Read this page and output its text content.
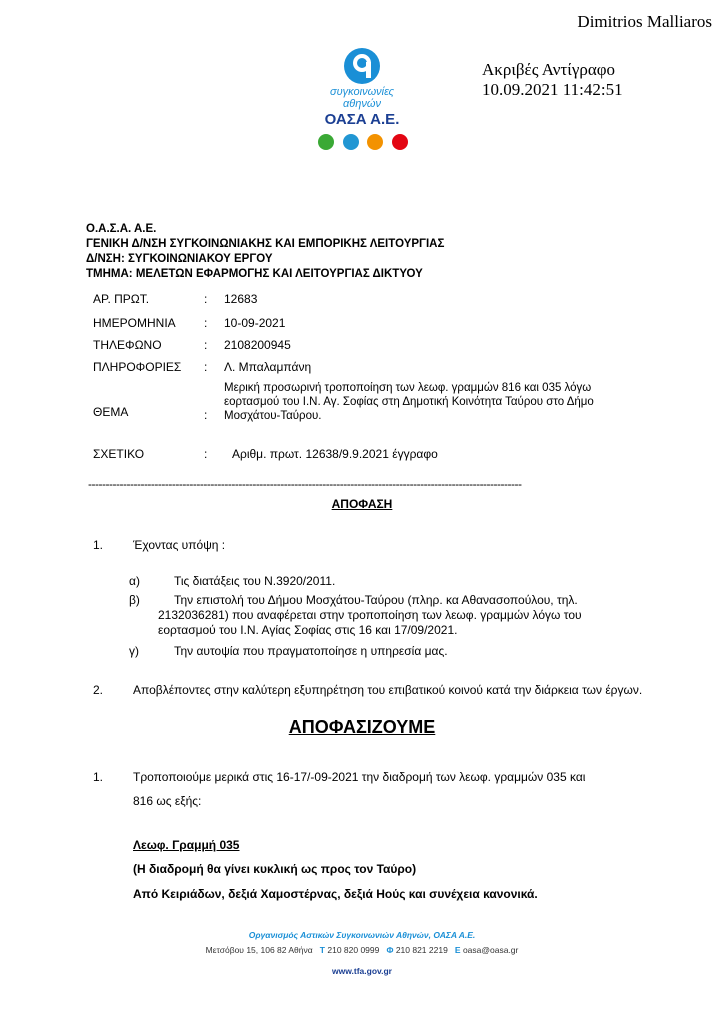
Dimitrios Malliaros
Ακριβές Αντίγραφο
10.09.2021 11:42:51
συγκοινωνίες
αθηνών
ΟΑΣΑ Α.Ε.
Ο.Α.Σ.Α. Α.Ε.
ΓΕΝΙΚΗ Δ/ΝΣΗ ΣΥΓΚΟΙΝΩΝΙΑΚΗΣ ΚΑΙ ΕΜΠΟΡΙΚΗΣ ΛΕΙΤΟΥΡΓΙΑΣ
Δ/ΝΣΗ: ΣΥΓΚΟΙΝΩΝΙΑΚΟΥ ΕΡΓΟΥ
ΤΜΗΜΑ: ΜΕΛΕΤΩΝ ΕΦΑΡΜΟΓΗΣ ΚΑΙ ΛΕΙΤΟΥΡΓΙΑΣ ΔΙΚΤΥΟΥ
ΑΡ. ΠΡΩΤ.	: 12683
ΗΜΕΡΟΜΗΝΙΑ : 10-09-2021
ΤΗΛΕΦΩΝΟ	: 2108200945
ΠΛΗΡΟΦΟΡΙΕΣ : Λ. Μπαλαμπάνη
ΘΕΜΑ	:
Μερική προσωρινή τροποποίηση των λεωφ. γραμμών 816 και 035 λόγω εορτασμού του Ι.Ν. Αγ. Σοφίας στη Δημοτική Κοινότητα Ταύρου στο Δήμο Μοσχάτου-Ταύρου.
ΣΧΕΤΙΚΟ	: Αριθμ. πρωτ. 12638/9.9.2021 έγγραφο
----------------------------------------------------------------------------------------------------------------------------
ΑΠΟΦΑΣΗ
1. Έχοντας υπόψη :
α)	Τις διατάξεις του Ν.3920/2011.
β)	Την επιστολή του Δήμου Μοσχάτου-Ταύρου (πληρ. κα Αθανασοπούλου, τηλ. 2132036281) που αναφέρεται στην τροποποίηση των λεωφ. γραμμών λόγω του εορτασμού του Ι.Ν. Αγίας Σοφίας στις 16 και 17/09/2021.
γ)	Την αυτοψία που πραγματοποίησε η υπηρεσία μας.
2. Αποβλέποντες στην καλύτερη εξυπηρέτηση του επιβατικού κοινού κατά την διάρκεια των έργων.
ΑΠΟΦΑΣΙΖΟΥΜΕ
1. Τροποποιούμε μερικά στις 16-17/-09-2021 την διαδρομή των λεωφ. γραμμών 035 και
816 ως εξής:
Λεωφ. Γραμμή 035
(Η διαδρομή θα γίνει κυκλική ως προς τον Ταύρο)
Από Κειριάδων, δεξιά Χαμοστέρνας, δεξιά Ηούς και συνέχεια κανονικά.
Οργανισμός Αστικών Συγκοινωνιών Αθηνών, ΟΑΣΑ Α.Ε.
Μετσόβου 15, 106 82 Αθήνα Τ 210 820 0999 Φ 210 821 2219 E oasa@oasa.gr
www.tfa.gov.gr
